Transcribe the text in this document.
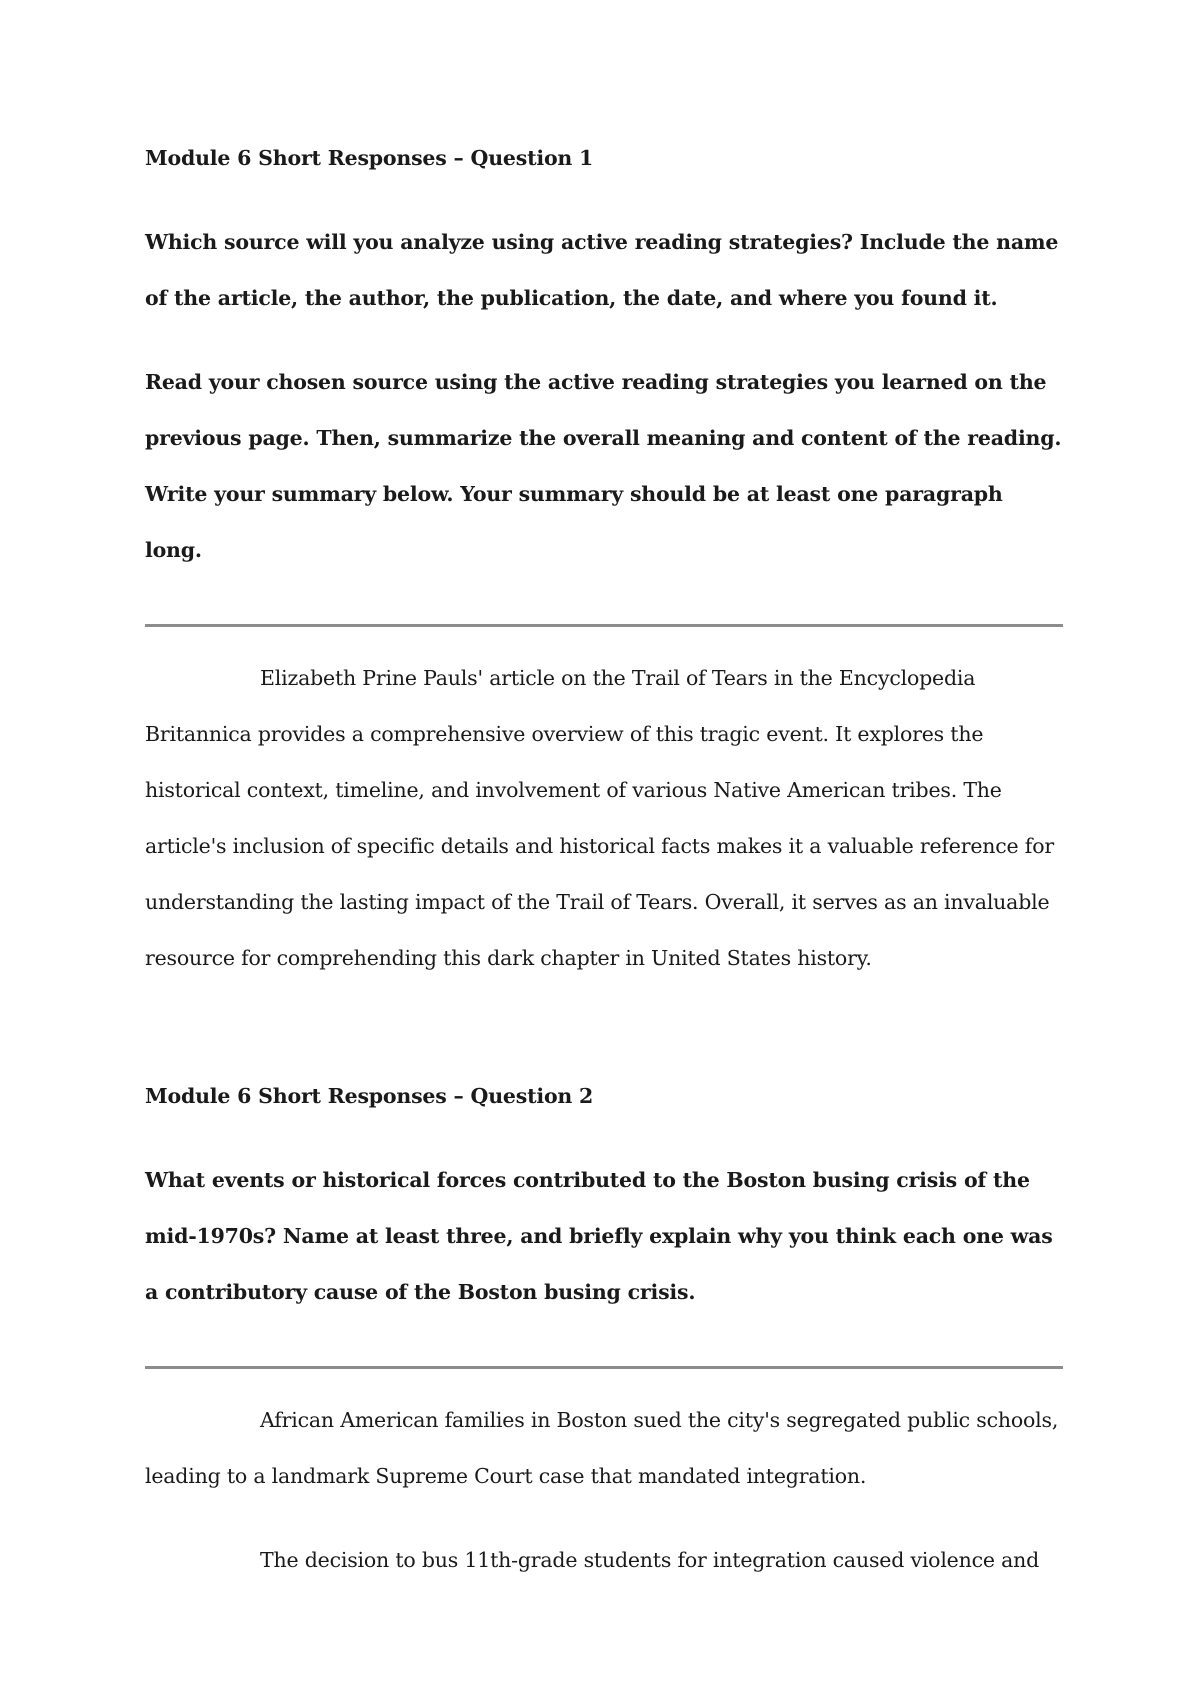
Module 6 Short Responses – Question 1

Which source will you analyze using active reading strategies? Include the name of the article, the author, the publication, the date, and where you found it.

Read your chosen source using the active reading strategies you learned on the previous page. Then, summarize the overall meaning and content of the reading. Write your summary below. Your summary should be at least one paragraph long.

Elizabeth Prine Pauls' article on the Trail of Tears in the Encyclopedia Britannica provides a comprehensive overview of this tragic event. It explores the historical context, timeline, and involvement of various Native American tribes. The article's inclusion of specific details and historical facts makes it a valuable reference for understanding the lasting impact of the Trail of Tears. Overall, it serves as an invaluable resource for comprehending this dark chapter in United States history.

Module 6 Short Responses – Question 2

What events or historical forces contributed to the Boston busing crisis of the mid-1970s? Name at least three, and briefly explain why you think each one was a contributory cause of the Boston busing crisis.

African American families in Boston sued the city's segregated public schools, leading to a landmark Supreme Court case that mandated integration.

The decision to bus 11th-grade students for integration caused violence and
